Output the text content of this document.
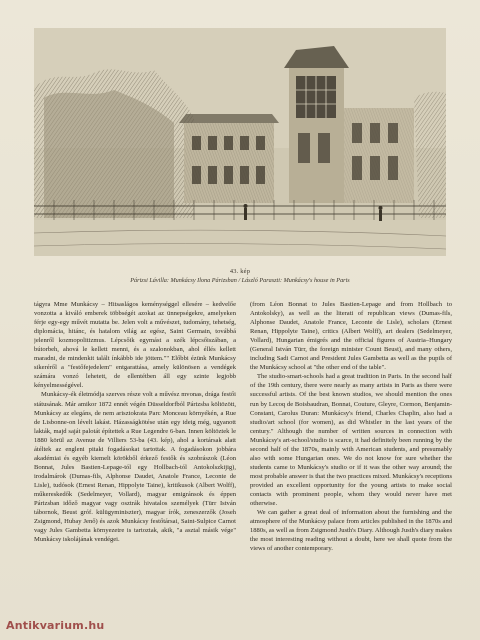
43. kép
Párizsi Lávilla: Munkácsy Ilona Párizsban / László Paraszti: Munkácsy's house in Paris

tágyra Mme Munkácsy – Hitsaslágos keménységgel ellesére – kedvelőe vonzotta a kiváló emberek többségét azokat az ünnepségekre, amelyeken férje egy-egy művét mutatta be. Jelen volt a művészet, tudomány, tehetség, diplomácia, hitánc, és hatalom világ az egész, Saint Germain, továbbá jelenről kozmopolitizmus. Lépcsőik egymást a szék lépcsőiszában, a bútorbeh, ahová le kellett menni, és a szalonokban, ahol éllés kellett maradni, de mindenkit talált ínkábbb ide jöttem."" Előbbi ézünk Munkácsy sikeréről a "festőfejedelem" entgarattása, amely különösen a vendégek számára vonzó lehetett, de ellentétben áll egy szinte legjobb kényelmességével.

Munkácsy-ék életmódja szerves része volt a művész mvonas, drága festői státusának. Már amikor 1872 ennét végén Düsseldorfból Párizsba költözött, Munkácsy az elegáns, de nem arisztokrata Parc Monceau környékén, a Rue de Lisbonne-on lévelt lakást. Házasságkötése után egy ideig még, ugyanott lakták, majd saját palotát építettek a Rue Legendre 6-ban. Innen költöztek le 1880 körül az Avenue de Villiers 53-ba (43. kép), ahol a kortársak alatt átéltek az engleni pitaki fogadásokat tartottak. A fogadásokon jobbára akadémiai és egyéb kiemelt körökből érkező festők és szobrászok (Léon Bonnat, Jules Bastien-Lepage-tól egy Hollbach-tól Antokolszkijig), irodalmárok (Dumas-fils, Alphonse Daudet, Anatole France, Leconte de Lisle), tudósok (Ernest Renan, Hippolyte Taine), kritikusok (Albert Wolff), műkereskedők (Sedelmeyer, Vollard), magyar emigránsok és éppen Párizsban időző magyar vagy osztrák hivatalos személyek (Türr István tábornok, Beust gróf. külügyminiszter), magyar írók, zeneszerzők (Joseh Zsigmond, Hubay Jenő) és azok Munkácsy festőtársai, Saint-Sulpice Carnot vagy Jules Gambetta környezetre is tartoztak, akik, "a asztal másik vége" Munkácsy iskolájának vendégei.

(from Léon Bonnat to Jules Bastien-Lepage and from Hollbach to Antokolsky), as well as the literati of republican views (Dumas-fils, Alphonse Daudet, Anatole France, Leconte de Lisle), scholars (Ernest Renan, Hippolyte Taine), critics (Albert Wolff), art dealers (Sedelmeyer, Vollard), Hungarian émigrés and the official figures of Austria–Hungary (General István Türr, the foreign minister Count Beust), and many others, including Sadi Carnot and President Jules Gambetta as well as the pupils of the Munkácsy school at "the other end of the table".

The studio-smart-schools had a great tradition in Paris. In the second half of the 19th century, there were nearly as many artists in Paris as there were successful artists. Of the best known studios, we should mention the ones run by Lecoq de Boisbaudran, Bonnat, Couture, Gleyre, Cormon, Benjamin-Constant, Carolus Duran: Munkácsy's friend, Charles Chaplin, also had a studio/art school (for women), as did Whistler in the last years of the century." Although the number of written sources in connection with Munkácsy's art-school/studio is scarce, it had definitely been running by the second half of the 1870s, mainly with American students, and presumably also with some Hungarian ones. We do not know for sure whether the students came to Munkácsy's studio or if it was the other way around; the most probable answer is that the two practices mixed. Munkácsy's receptions provided an excellent opportunity for the young artists to make social contacts with prominent people, whom they would never have met otherwise.

We can gather a great deal of information about the furnishing and the atmosphere of the Munkácsy palace from articles published in the 1870s and 1880s, as well as from Zsigmond Justh's Diary. Although Justh's diary makes the most interesting reading without a doubt, here we shall quote from the views of another contemporary.

Antikvarium.hu
